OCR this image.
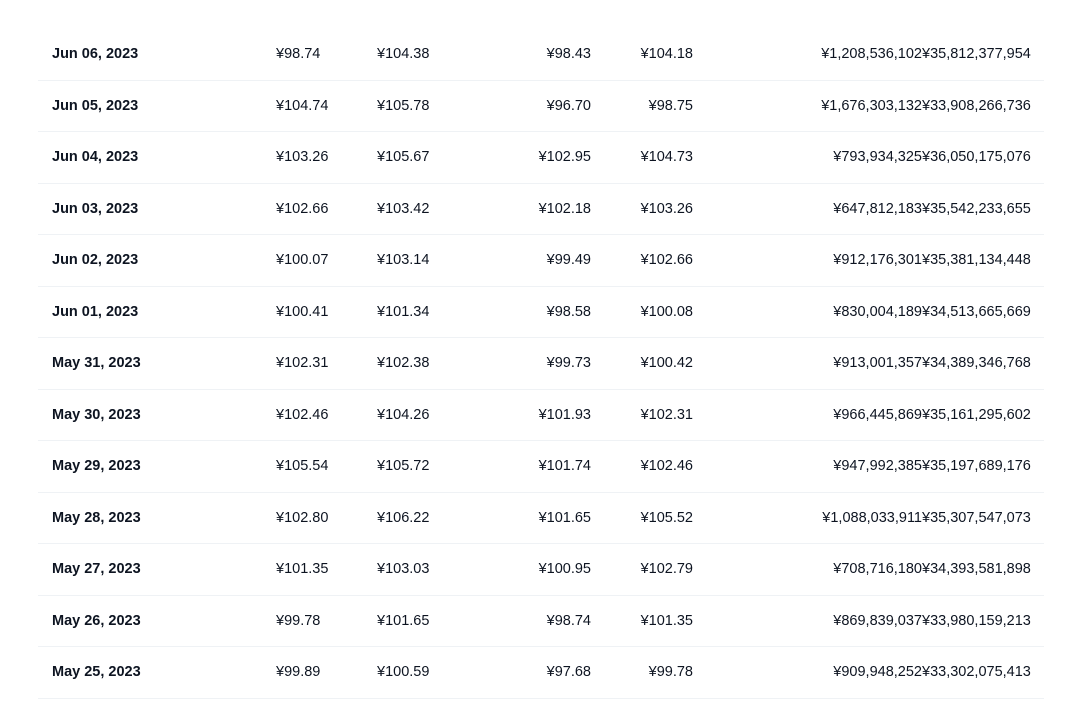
Jun 06, 2023	¥98.74	¥104.38	¥98.43	¥104.18	¥1,208,536,102	¥35,812,377,954
Jun 05, 2023	¥104.74	¥105.78	¥96.70	¥98.75	¥1,676,303,132	¥33,908,266,736
Jun 04, 2023	¥103.26	¥105.67	¥102.95	¥104.73	¥793,934,325	¥36,050,175,076
Jun 03, 2023	¥102.66	¥103.42	¥102.18	¥103.26	¥647,812,183	¥35,542,233,655
Jun 02, 2023	¥100.07	¥103.14	¥99.49	¥102.66	¥912,176,301	¥35,381,134,448
Jun 01, 2023	¥100.41	¥101.34	¥98.58	¥100.08	¥830,004,189	¥34,513,665,669
May 31, 2023	¥102.31	¥102.38	¥99.73	¥100.42	¥913,001,357	¥34,389,346,768
May 30, 2023	¥102.46	¥104.26	¥101.93	¥102.31	¥966,445,869	¥35,161,295,602
May 29, 2023	¥105.54	¥105.72	¥101.74	¥102.46	¥947,992,385	¥35,197,689,176
May 28, 2023	¥102.80	¥106.22	¥101.65	¥105.52	¥1,088,033,911	¥35,307,547,073
May 27, 2023	¥101.35	¥103.03	¥100.95	¥102.79	¥708,716,180	¥34,393,581,898
May 26, 2023	¥99.78	¥101.65	¥98.74	¥101.35	¥869,839,037	¥33,980,159,213
May 25, 2023	¥99.89	¥100.59	¥97.68	¥99.78	¥909,948,252	¥33,302,075,413
